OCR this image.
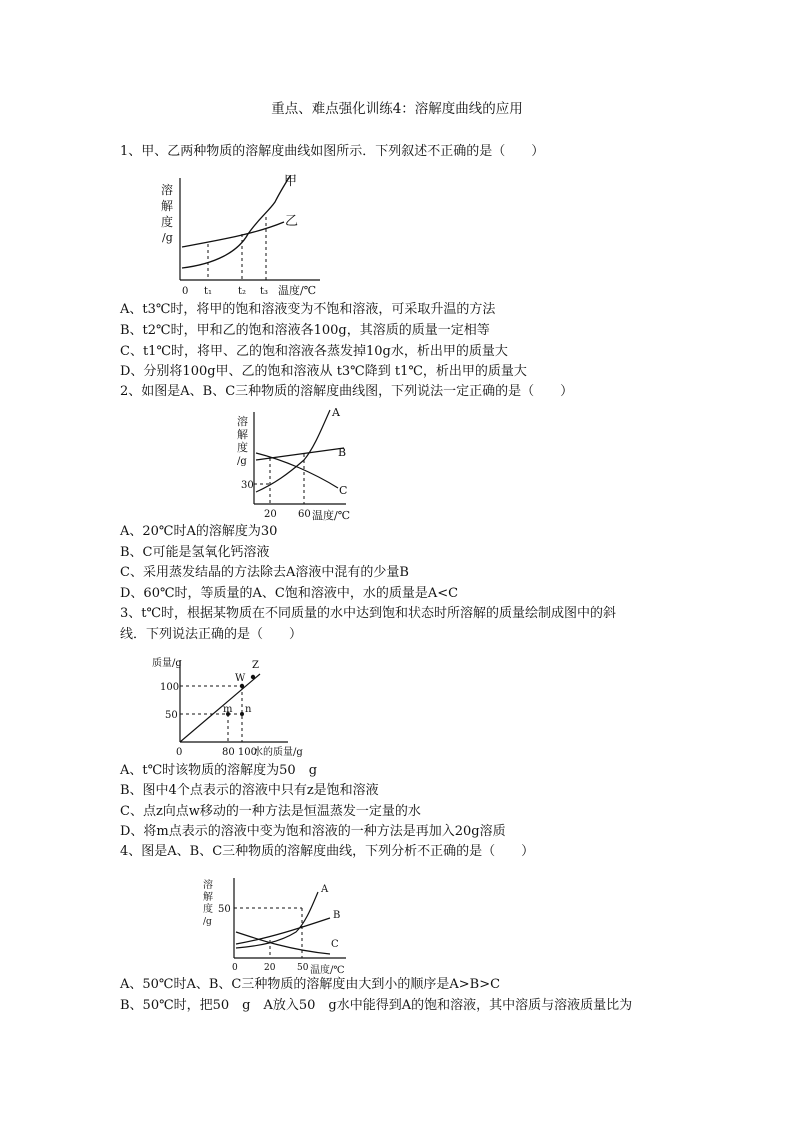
重点、难点强化训练4：溶解度曲线的应用
1、甲、乙两种物质的溶解度曲线如图所示．下列叙述不正确的是（　　）
溶
解
度
/g
甲
乙
0 t₁	t₂ t₃ 温度/℃
A、t3℃时，将甲的饱和溶液变为不饱和溶液，可采取升温的方法
B、t2℃时，甲和乙的饱和溶液各100g，其溶质的质量一定相等
C、t1℃时，将甲、乙的饱和溶液各蒸发掉10g水，析出甲的质量大
D、分别将100g甲、乙的饱和溶液从 t3℃降到 t1℃，析出甲的质量大
2、如图是A、B、C三种物质的溶解度曲线图，下列说法一定正确的是（　　）
溶
解
度
/g
30
A
B
C
20 60 温度/℃
A、20℃时A的溶解度为30
B、C可能是氢氧化钙溶液
C、采用蒸发结晶的方法除去A溶液中混有的少量B
D、60℃时，等质量的A、C饱和溶液中，水的质量是A<C
3、t℃时，根据某物质在不同质量的水中达到饱和状态时所溶解的质量绘制成图中的斜
线．下列说法正确的是（　　）
质量/g
100
50
W
Z
m n
0	80 100
水的质量/g
A、t℃时该物质的溶解度为50　g
B、图中4个点表示的溶液中只有z是饱和溶液
C、点z向点w移动的一种方法是恒温蒸发一定量的水
D、将m点表示的溶液中变为饱和溶液的一种方法是再加入20g溶质
4、图是A、B、C三种物质的溶解度曲线，下列分析不正确的是（　　）
溶
解
度
/g
50
A
B
C
0	20 50 温度/℃
A、50℃时A、B、C三种物质的溶解度由大到小的顺序是A>B>C
B、50℃时，把50　g　A放入50　g水中能得到A的饱和溶液，其中溶质与溶液质量比为
